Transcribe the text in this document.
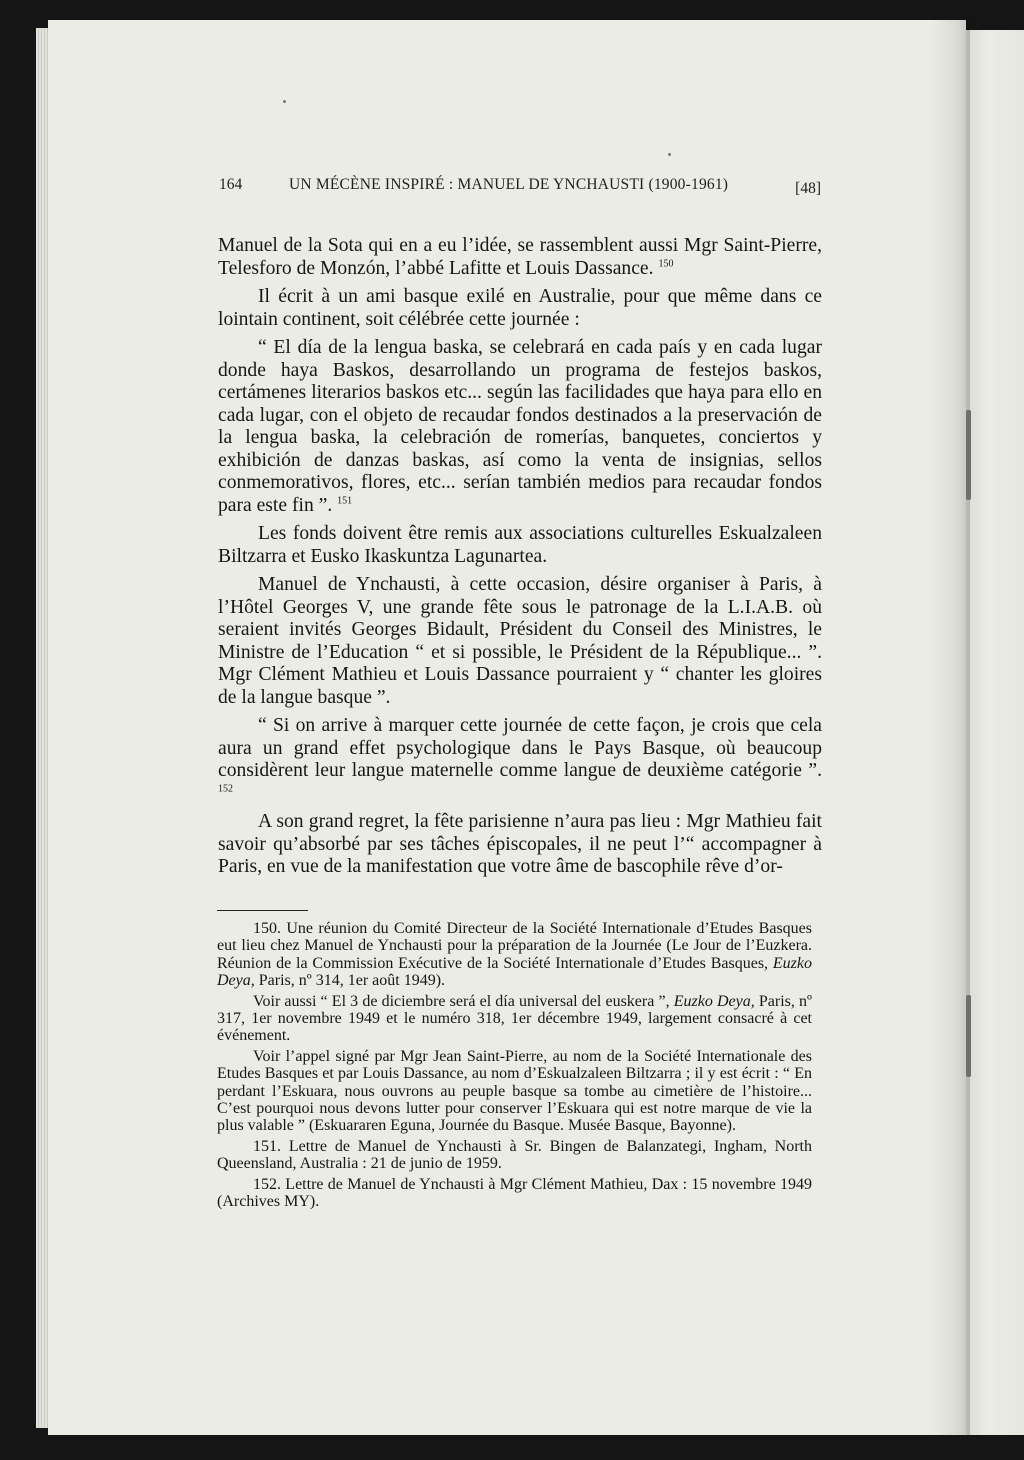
164	UN MÉCÈNE INSPIRÉ : MANUEL DE YNCHAUSTI (1900-1961)	[48]

Manuel de la Sota qui en a eu l’idée, se rassemblent aussi Mgr Saint-Pierre, Telesforo de Monzón, l’abbé Lafitte et Louis Dassance. $^{150}$

Il écrit à un ami basque exilé en Australie, pour que même dans ce lointain continent, soit célébrée cette journée :

“ El día de la lengua baska, se celebrará en cada país y en cada lugar donde haya Baskos, desarrollando un programa de festejos baskos, certámenes literarios baskos etc... según las facilidades que haya para ello en cada lugar, con el objeto de recaudar fondos destinados a la preservación de la lengua baska, la celebración de romerías, banquetes, conciertos y exhibición de danzas baskas, así como la venta de insignias, sellos conmemorativos, flores, etc... serían también medios para recaudar fondos para este fin ”. $^{151}$

Les fonds doivent être remis aux associations culturelles Eskualzaleen Biltzarra et Eusko Ikaskuntza Lagunartea.

Manuel de Ynchausti, à cette occasion, désire organiser à Paris, à l’Hôtel Georges V, une grande fête sous le patronage de la L.I.A.B. où seraient invités Georges Bidault, Président du Conseil des Ministres, le Ministre de l’Education “ et si possible, le Président de la République... ”. Mgr Clément Mathieu et Louis Dassance pourraient y “ chanter les gloires de la langue basque ”.

“ Si on arrive à marquer cette journée de cette façon, je crois que cela aura un grand effet psychologique dans le Pays Basque, où beaucoup considèrent leur langue maternelle comme langue de deuxième catégorie ”. $^{152}$

A son grand regret, la fête parisienne n’aura pas lieu : Mgr Mathieu fait savoir qu’absorbé par ses tâches épiscopales, il ne peut l’“ accompagner à Paris, en vue de la manifestation que votre âme de bascophile rêve d’or-

150. Une réunion du Comité Directeur de la Société Internationale d’Etudes Basques eut lieu chez Manuel de Ynchausti pour la préparation de la Journée (Le Jour de l’Euzkera. Réunion de la Commission Exécutive de la Société Internationale d’Etudes Basques, Euzko Deya, Paris, nº 314, 1er août 1949).

Voir aussi “ El 3 de diciembre será el día universal del euskera ”, Euzko Deya, Paris, nº 317, 1er novembre 1949 et le numéro 318, 1er décembre 1949, largement consacré à cet événement.

Voir l’appel signé par Mgr Jean Saint-Pierre, au nom de la Société Internationale des Etudes Basques et par Louis Dassance, au nom d’Eskualzaleen Biltzarra ; il y est écrit : “ En perdant l’Eskuara, nous ouvrons au peuple basque sa tombe au cimetière de l’histoire... C’est pourquoi nous devons lutter pour conserver l’Eskuara qui est notre marque de vie la plus valable ” (Eskuararen Eguna, Journée du Basque. Musée Basque, Bayonne).

151. Lettre de Manuel de Ynchausti à Sr. Bingen de Balanzategi, Ingham, North Queensland, Australia : 21 de junio de 1959.

152. Lettre de Manuel de Ynchausti à Mgr Clément Mathieu, Dax : 15 novembre 1949 (Archives MY).
